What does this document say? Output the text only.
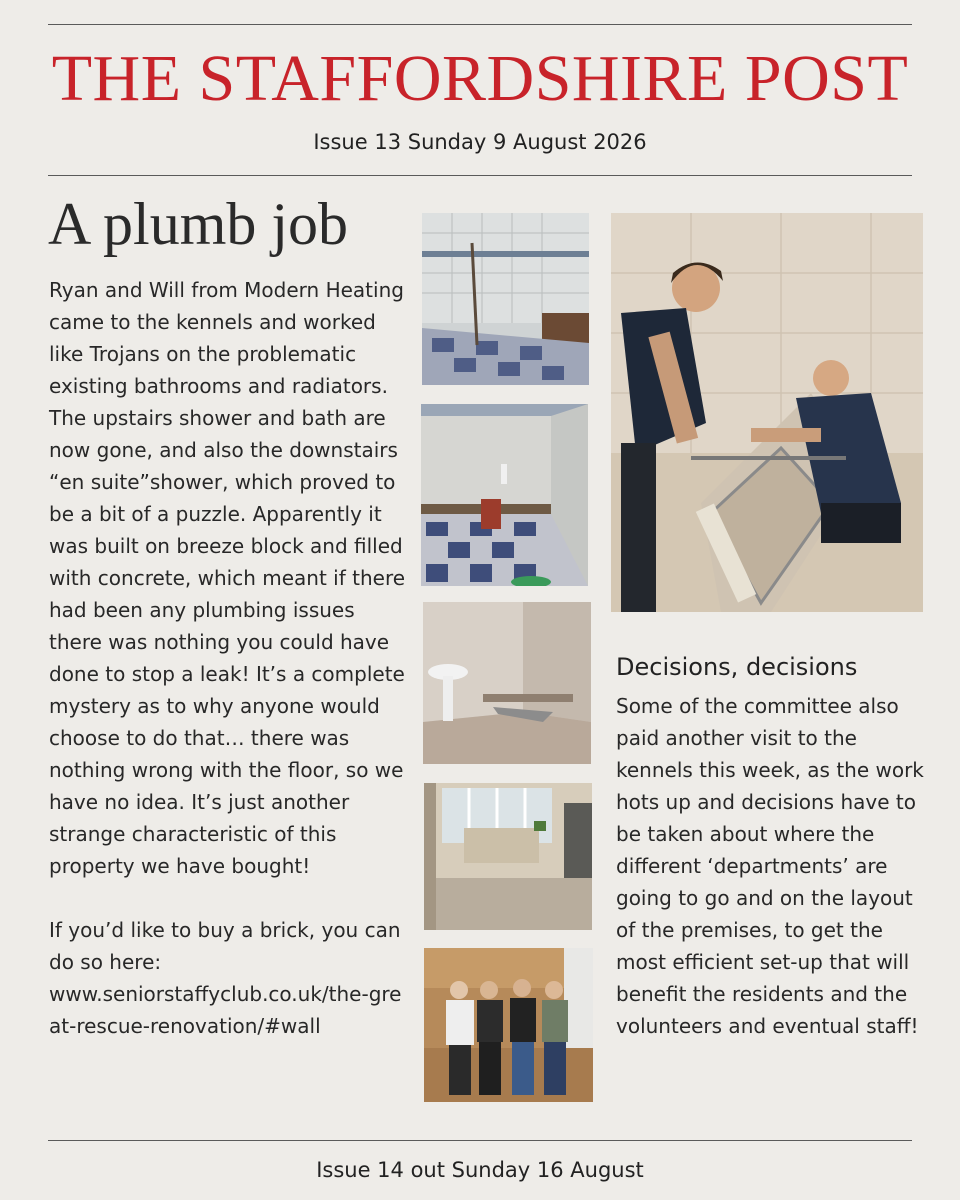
THE STAFFORDSHIRE POST
Issue 13 Sunday 9 August 2026
A plumb job

Ryan and Will from Modern Heating came to the kennels and worked like Trojans on the problematic existing bathrooms and radiators. The upstairs shower and bath are now gone, and also the downstairs “en suite”shower, which proved to be a bit of a puzzle. Apparently it was built on breeze block and filled with concrete, which meant if there had been any plumbing issues there was nothing you could have done to stop a leak! It’s a complete mystery as to why anyone would choose to do that… there was nothing wrong with the floor, so we have no idea. It’s just another strange characteristic of this property we have bought!

If you’d like to buy a brick, you can do so here:

www.seniorstaffyclub.co.uk/the-great-rescue-renovation/#wall

Decisions, decisions
Some of the committee also paid another visit to the kennels this week, as the work hots up and decisions have to be taken about where the different ‘departments’ are going to go and on the layout of the premises, to get the most efficient set-up that will benefit the residents and the volunteers and eventual staff!
Issue 14 out Sunday 16 August
